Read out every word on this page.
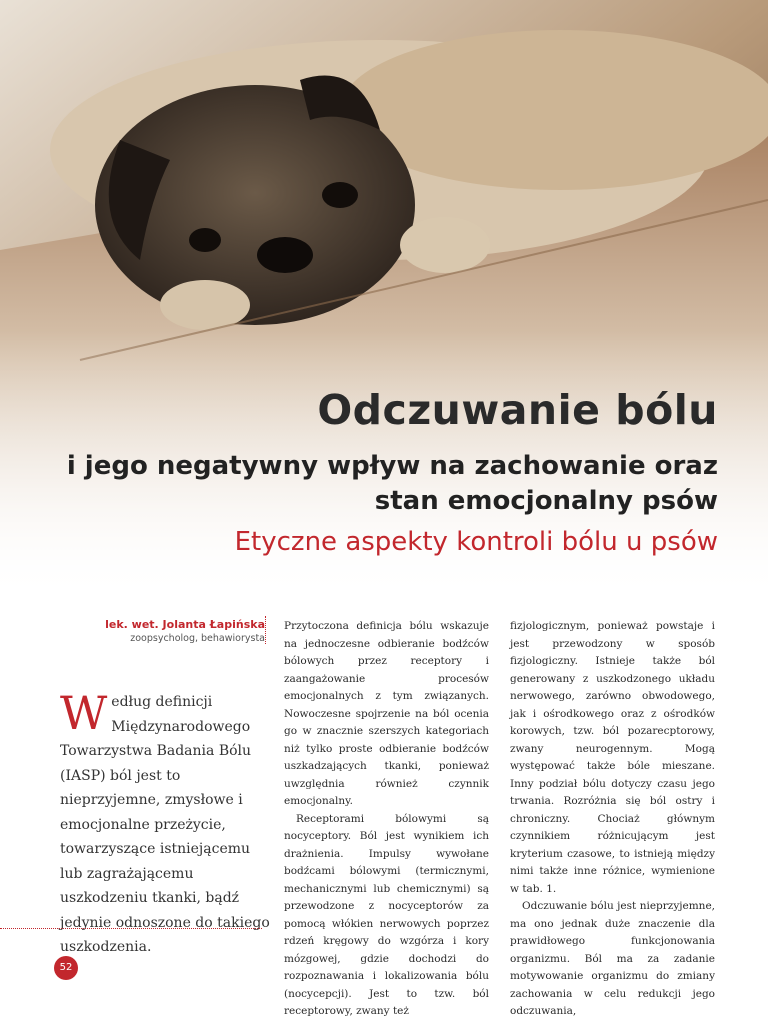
Odczuwanie bólu
i jego negatywny wpływ na zachowanie oraz stan emocjonalny psów
Etyczne aspekty kontroli bólu u psów
lek. wet. Jolanta Łapińska
zoopsycholog, behawiorysta
Według definicji Międzynarodowego Towarzystwa Badania Bólu (IASP) ból jest to nieprzyjemne, zmysłowe i emocjonalne przeżycie, towarzyszące istniejącemu lub zagrażającemu uszkodzeniu tkanki, bądź jedynie odnoszone do takiego uszkodzenia.

Przytoczona definicja bólu wskazuje na jednoczesne odbieranie bodźców bólowych przez receptory i zaangażowanie procesów emocjonalnych z tym związanych. Nowoczesne spojrzenie na ból ocenia go w znacznie szerszych kategoriach niż tylko proste odbieranie bodźców uszkadzających tkanki, ponieważ uwzględnia również czynnik emocjonalny.

Receptorami bólowymi są nocyceptory. Ból jest wynikiem ich drażnienia. Impulsy wywołane bodźcami bólowymi (termicznymi, mechanicznymi lub chemicznymi) są przewodzone z nocyceptorów za pomocą włókien nerwowych poprzez rdzeń kręgowy do wzgórza i kory mózgowej, gdzie dochodzi do rozpoznawania i lokalizowania bólu (nocycepcji). Jest to tzw. ból receptorowy, zwany też

fizjologicznym, ponieważ powstaje i jest przewodzony w sposób fizjologiczny. Istnieje także ból generowany z uszkodzonego układu nerwowego, zarówno obwodowego, jak i ośrodkowego oraz z ośrodków korowych, tzw. ból pozarecptorowy, zwany neurogennym. Mogą występować także bóle mieszane. Inny podział bólu dotyczy czasu jego trwania. Rozróżnia się ból ostry i chroniczny. Chociaż głównym czynnikiem różnicującym jest kryterium czasowe, to istnieją między nimi także inne różnice, wymienione w tab. 1.

Odczuwanie bólu jest nieprzyjemne, ma ono jednak duże znaczenie dla prawidłowego funkcjonowania organizmu. Ból ma za zadanie motywowanie organizmu do zmiany zachowania w celu redukcji jego odczuwania,

52
